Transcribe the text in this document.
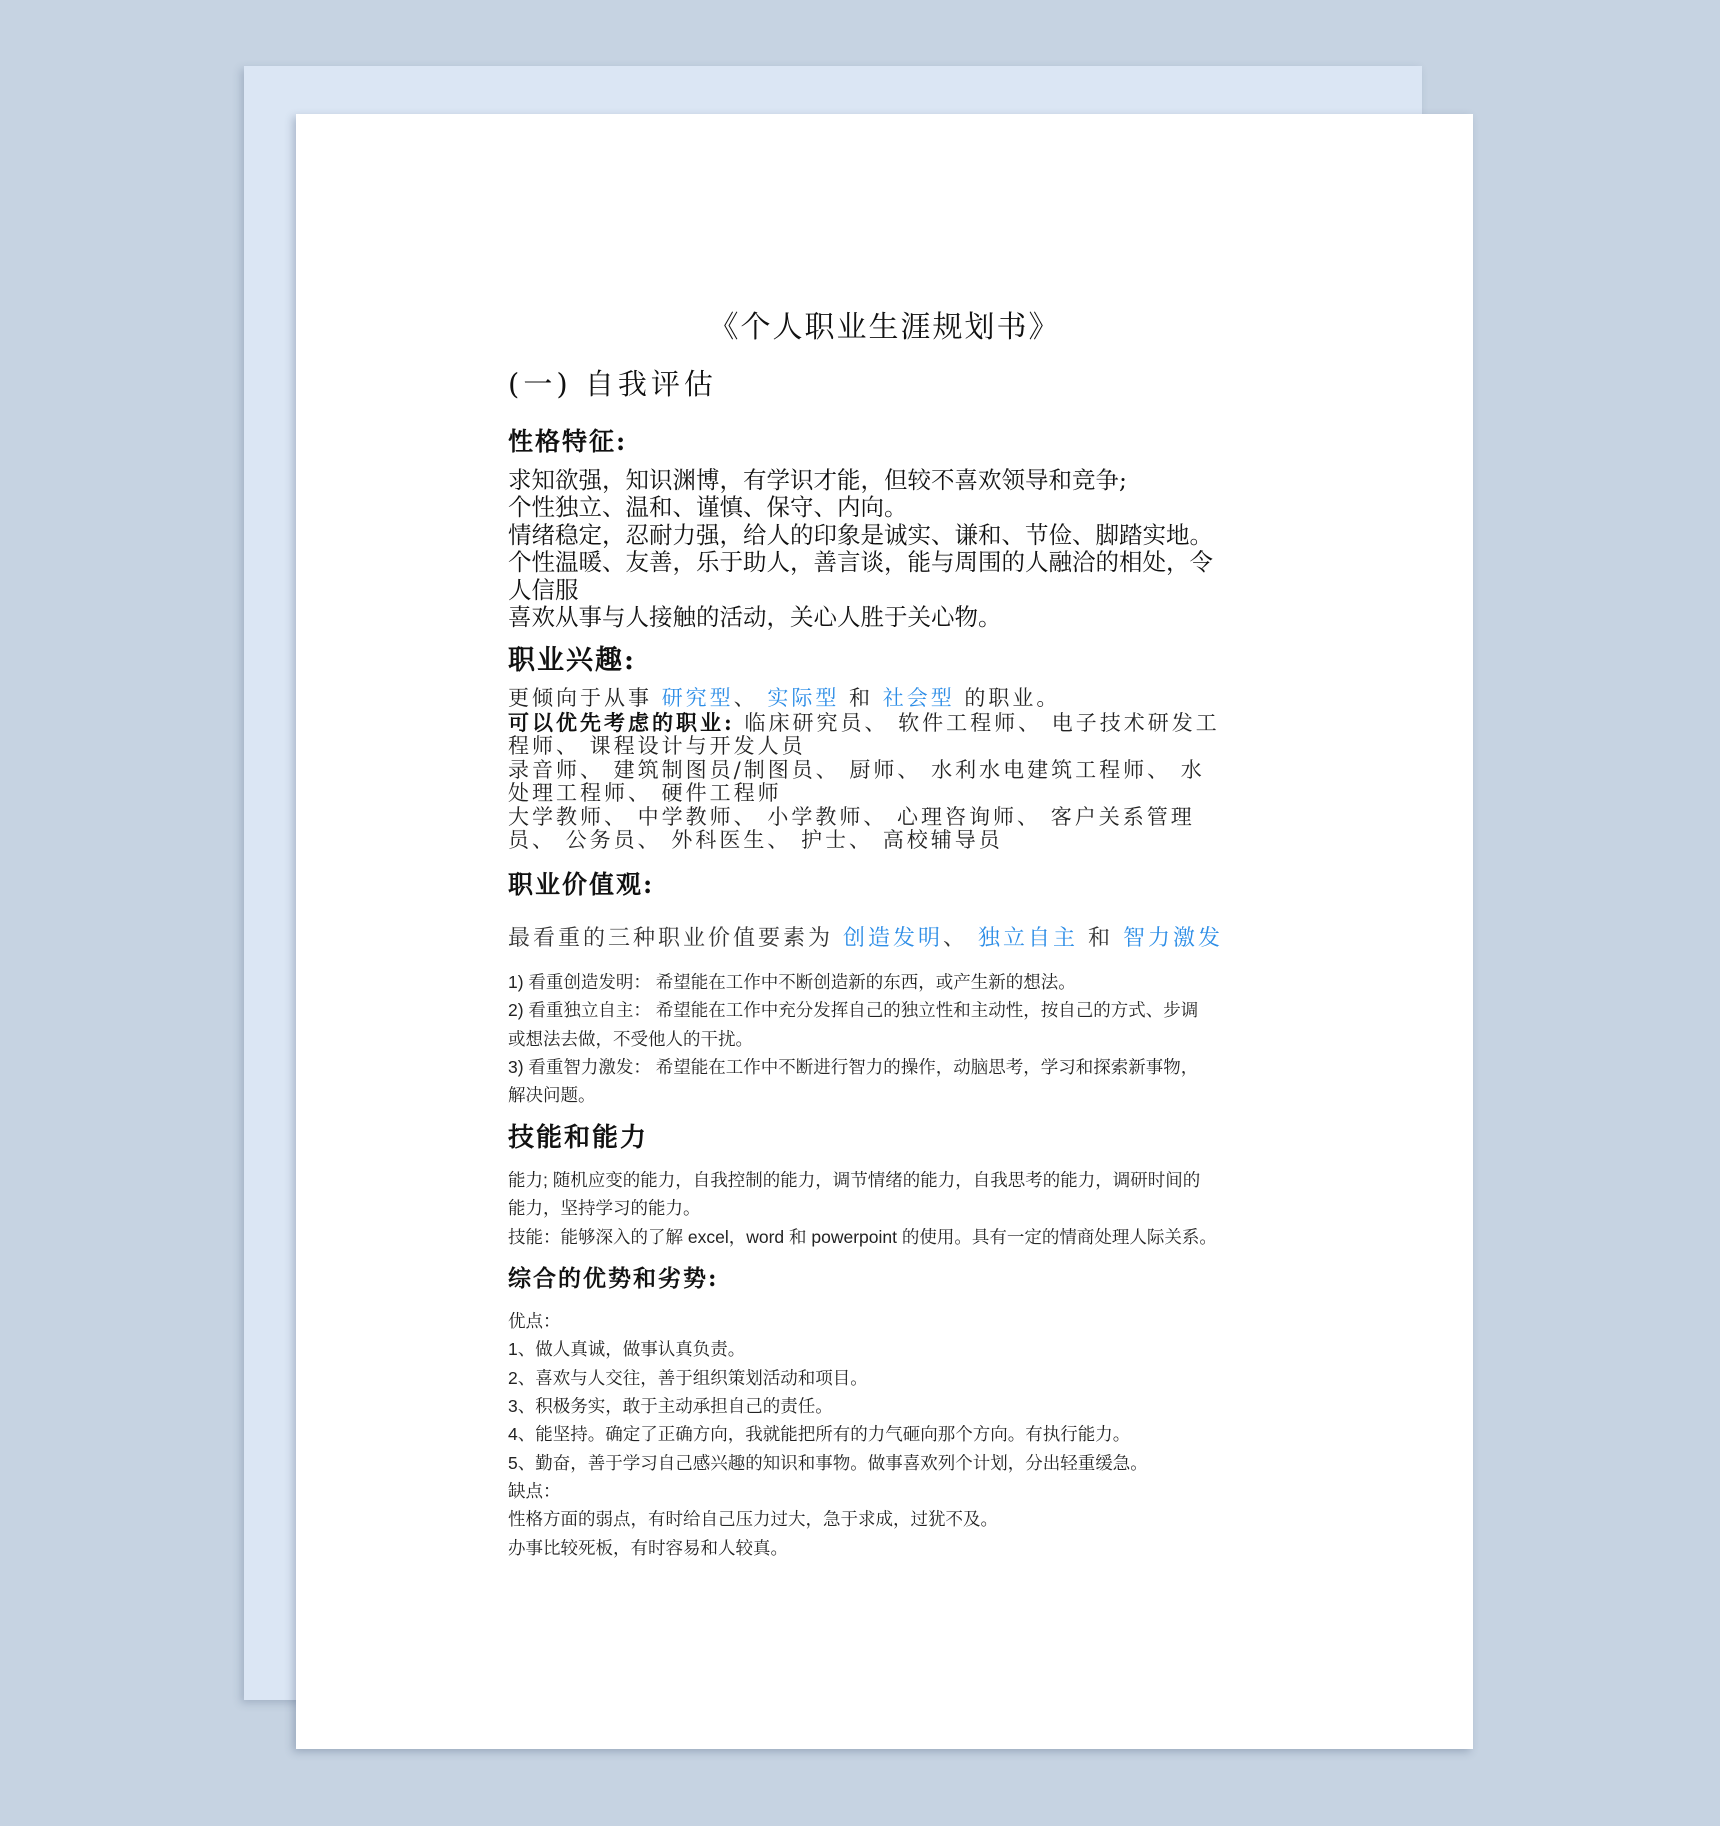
《个人职业生涯规划书》
(一) 自我评估
性格特征:
求知欲强，知识渊博，有学识才能，但较不喜欢领导和竞争;
个性独立、温和、谨慎、保守、内向。
情绪稳定，忍耐力强，给人的印象是诚实、谦和、节俭、脚踏实地。
个性温暖、友善，乐于助人，善言谈，能与周围的人融洽的相处，令
人信服
喜欢从事与人接触的活动，关心人胜于关心物。
职业兴趣:
更倾向于从事 研究型、 实际型 和 社会型 的职业。
可以优先考虑的职业: 临床研究员、 软件工程师、 电子技术研发工
程师、 课程设计与开发人员
录音师、 建筑制图员/制图员、 厨师、 水利水电建筑工程师、 水
处理工程师、 硬件工程师
大学教师、 中学教师、 小学教师、 心理咨询师、 客户关系管理
员、 公务员、 外科医生、 护士、 高校辅导员
职业价值观:
最看重的三种职业价值要素为 创造发明、 独立自主 和 智力激发
1) 看重创造发明： 希望能在工作中不断创造新的东西，或产生新的想法。
2) 看重独立自主： 希望能在工作中充分发挥自己的独立性和主动性，按自己的方式、步调
或想法去做，不受他人的干扰。
3) 看重智力激发： 希望能在工作中不断进行智力的操作，动脑思考，学习和探索新事物，
解决问题。
技能和能力
能力; 随机应变的能力，自我控制的能力，调节情绪的能力，自我思考的能力，调研时间的
能力，坚持学习的能力。
技能：能够深入的了解 excel，word 和 powerpoint 的使用。具有一定的情商处理人际关系。
综合的优势和劣势:
优点：
1、做人真诚，做事认真负责。
2、喜欢与人交往，善于组织策划活动和项目。
3、积极务实，敢于主动承担自己的责任。
4、能坚持。确定了正确方向，我就能把所有的力气砸向那个方向。有执行能力。
5、勤奋，善于学习自己感兴趣的知识和事物。做事喜欢列个计划，分出轻重缓急。
缺点：
性格方面的弱点，有时给自己压力过大，急于求成，过犹不及。
办事比较死板，有时容易和人较真。
